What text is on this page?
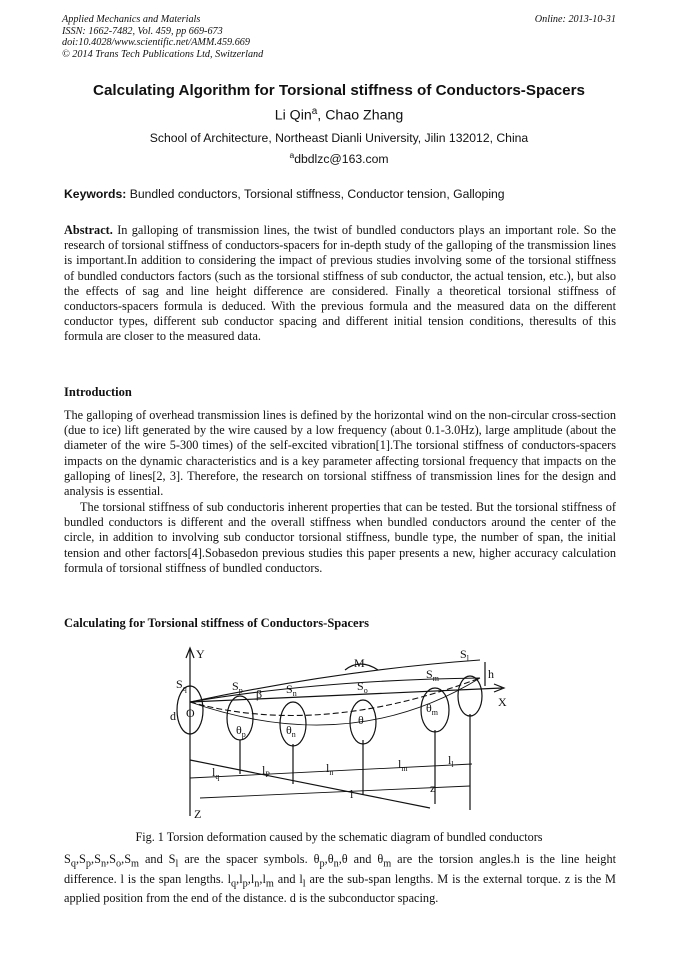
Applied Mechanics and Materials
ISSN: 1662-7482, Vol. 459, pp 669-673
doi:10.4028/www.scientific.net/AMM.459.669
© 2014 Trans Tech Publications Ltd, Switzerland
Online: 2013-10-31
Calculating Algorithm for Torsional stiffness of Conductors-Spacers
Li Qin$^a$, Chao Zhang
School of Architecture, Northeast Dianli University, Jilin 132012, China
$^a$dbdlzc@163.com
Keywords: Bundled conductors, Torsional stiffness, Conductor tension, Galloping
Abstract. In galloping of transmission lines, the twist of bundled conductors plays an important role. So the research of torsional stiffness of conductors-spacers for in-depth study of the galloping of the transmission lines is important.In addition to considering the impact of previous studies involving some of the torsional stiffness of bundled conductors factors (such as the torsional stiffness of sub conductor, the actual tension, etc.), but also the effects of sag and line height difference are considered. Finally a theoretical torsional stiffness of conductors-spacers formula is deduced. With the previous formula and the measured data on the different conductor types, different sub conductor spacing and different initial tension conditions, theresults of this formula are closer to the measured data.
Introduction
The galloping of overhead transmission lines is defined by the horizontal wind on the non-circular cross-section (due to ice) lift generated by the wire caused by a low frequency (about 0.1-3.0Hz), large amplitude (about the diameter of the wire 5-300 times) of the self-excited vibration[1].The torsional stiffness of conductors-spacers impacts on the dynamic characteristics and is a key parameter affecting torsional frequency that impacts on the galloping of lines[2, 3]. Therefore, the research on torsional stiffness of transmission lines for the design and analysis is essential.
The torsional stiffness of sub conductoris inherent properties that can be tested. But the torsional stiffness of bundled conductors is different and the overall stiffness when bundled conductors around the center of the circle, in addition to involving sub conductor torsional stiffness, bundle type, the number of span, the initial tension and other factors[4].Sobasedon previous studies this paper presents a new, higher accuracy calculation formula of torsional stiffness of bundled conductors.
Calculating for Torsional stiffness of Conductors-Spacers
Y
X
Z
O
d
h
M
β
l	z
$S_q$	$S_p$	$S_n$
$S_o$
$S_m$
$S_l$
$\theta_p$	$\theta_n$
θ
$\theta_m$
$l_q$	$l_P$	$l_n$
$l_m$
$l_l$
Fig. 1 Torsion deformation caused by the schematic diagram of bundled conductors
$S_q,S_p,S_n,S_o,S_m$ and $S_l$ are the spacer symbols. $\theta_p,\theta_n,\theta$ and $\theta_m$ are the torsion angles.h is the line height difference. l is the span lengths. $l_q,l_p,l_n,l_m$ and $l_l$ are the sub-span lengths. M is the external torque. z is the M applied position from the end of the distance. d is the subconductor spacing.
